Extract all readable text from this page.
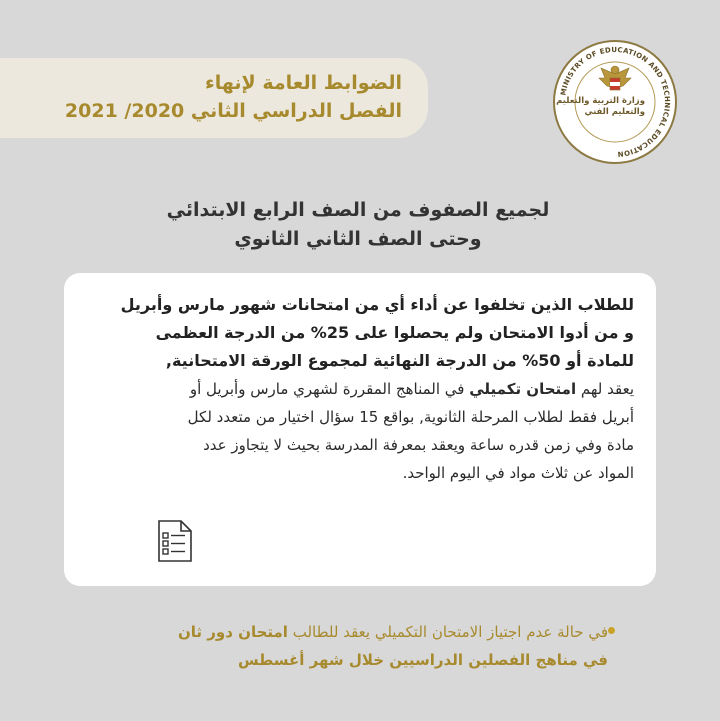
الضوابط العامة لإنهاء
الفصل الدراسي الثاني 2020/ 2021
MINISTRY OF EDUCATION AND TECHNICAL EDUCATION
وزارة التربية والتعليم
والتعليم الفني
لجميع الصفوف من الصف الرابع الابتدائي
وحتى الصف الثاني الثانوي
للطلاب الذين تخلفوا عن أداء أي من امتحانات شهور مارس وأبريل
و من أدوا الامتحان ولم يحصلوا على 25% من الدرجة العظمى
للمادة أو 50% من الدرجة النهائية لمجموع الورقة الامتحانية,
يعقد لهم امتحان تكميلي في المناهج المقررة لشهري مارس وأبريل أو
أبريل فقط لطلاب المرحلة الثانوية, بواقع 15 سؤال اختيار من متعدد لكل
مادة وفي زمن قدره ساعة ويعقد بمعرفة المدرسة بحيث لا يتجاوز عدد
المواد عن ثلاث مواد في اليوم الواحد.
في حالة عدم اجتياز الامتحان التكميلي يعقد للطالب امتحان دور ثان
في مناهج الفصلين الدراسيين خلال شهر أغسطس
